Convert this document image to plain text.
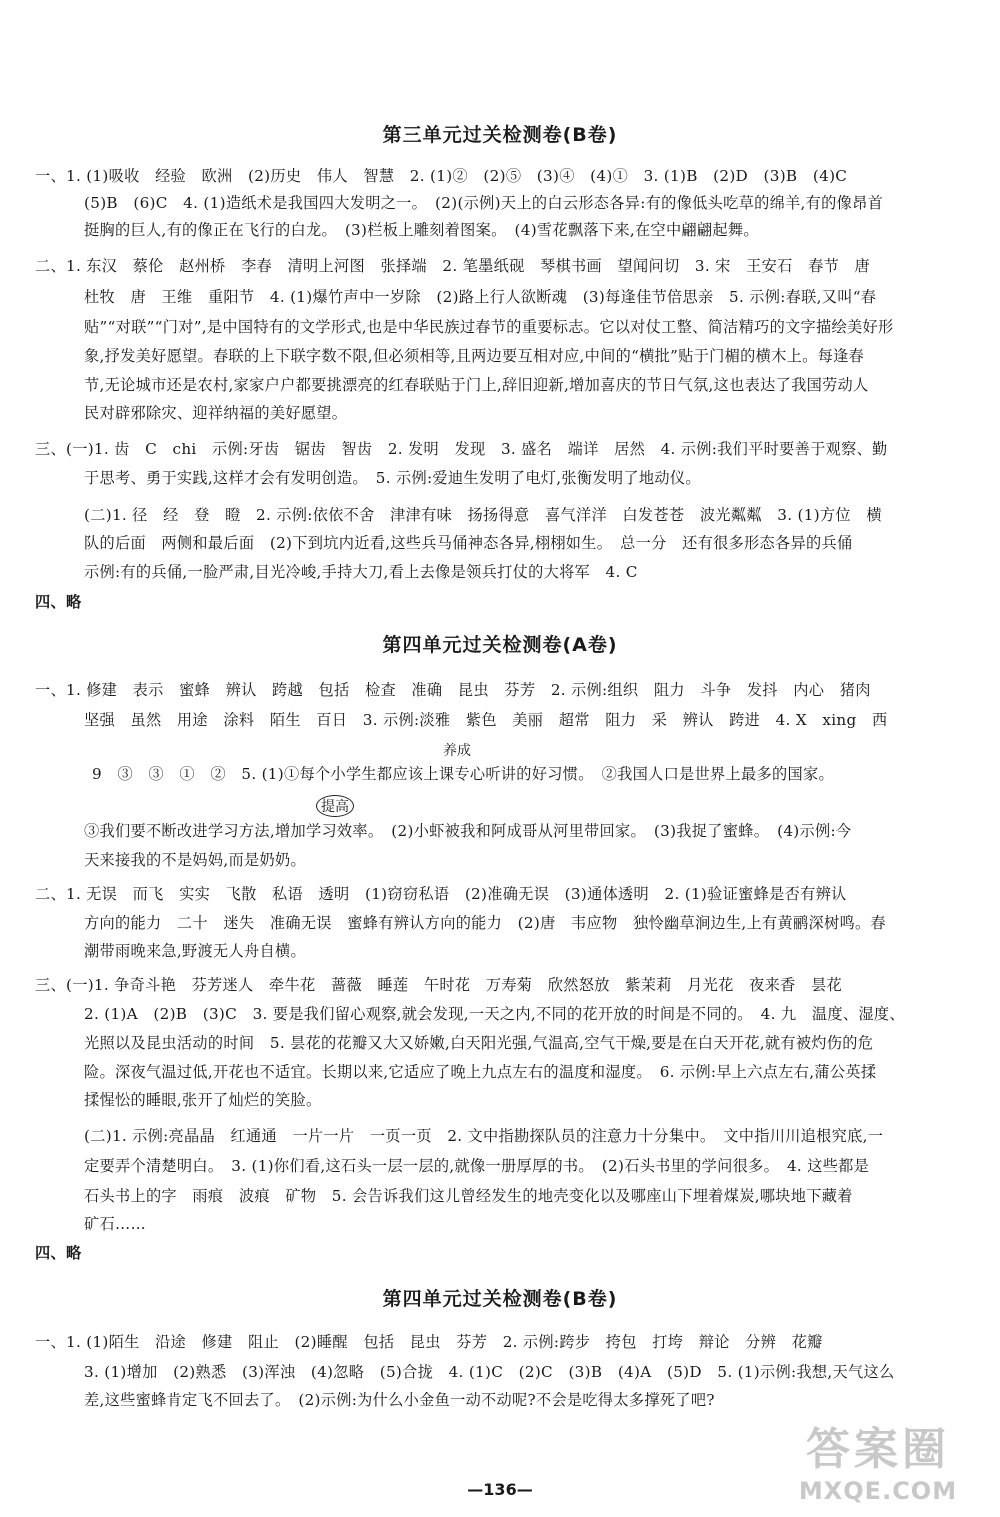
第三单元过关检测卷(B卷)
一、1. (1)吸收　经验　欧洲　(2)历史　伟人　智慧　2. (1)②　(2)⑤　(3)④　(4)①　3. (1)B　(2)D　(3)B　(4)C
(5)B　(6)C　4. (1)造纸术是我国四大发明之一。　(2)(示例)天上的白云形态各异:有的像低头吃草的绵羊,有的像昂首
挺胸的巨人,有的像正在飞行的白龙。　(3)栏板上雕刻着图案。　(4)雪花飘落下来,在空中翩翩起舞。
二、1. 东汉　蔡伦　赵州桥　李春　清明上河图　张择端　2. 笔墨纸砚　琴棋书画　望闻问切　3. 宋　王安石　春节　唐
杜牧　唐　王维　重阳节　4. (1)爆竹声中一岁除　(2)路上行人欲断魂　(3)每逢佳节倍思亲　5. 示例:春联,又叫“春
贴”“对联”“门对”,是中国特有的文学形式,也是中华民族过春节的重要标志。它以对仗工整、简洁精巧的文字描绘美好形
象,抒发美好愿望。春联的上下联字数不限,但必须相等,且两边要互相对应,中间的“横批”贴于门楣的横木上。每逢春
节,无论城市还是农村,家家户户都要挑漂亮的红春联贴于门上,辞旧迎新,增加喜庆的节日气氛,这也表达了我国劳动人
民对辟邪除灾、迎祥纳福的美好愿望。
三、(一)1. 齿　C　chi　示例:牙齿　锯齿　智齿　2. 发明　发现　3. 盛名　端详　居然　4. 示例:我们平时要善于观察、勤
于思考、勇于实践,这样才会有发明创造。　5. 示例:爱迪生发明了电灯,张衡发明了地动仪。
(二)1. 径　经　登　瞪　2. 示例:依依不舍　津津有味　扬扬得意　喜气洋洋　白发苍苍　波光粼粼　3. (1)方位　横
队的后面　两侧和最后面　(2)下到坑内近看,这些兵马俑神态各异,栩栩如生。　总一分　还有很多形态各异的兵俑
示例:有的兵俑,一脸严肃,目光冷峻,手持大刀,看上去像是领兵打仗的大将军　4. C
四、略
第四单元过关检测卷(A卷)
一、1. 修建　表示　蜜蜂　辨认　跨越　包括　检查　准确　昆虫　芬芳　2. 示例:组织　阻力　斗争　发抖　内心　猪肉
坚强　虽然　用途　涂料　陌生　百日　3. 示例:淡雅　紫色　美丽　超常　阻力　采　辨认　跨进　4. X　xing　西
养成
9　③　③　①　②　5. (1)①每个小学生都应该上课专心听讲的好习惯。　②我国人口是世界上最多的国家。
提高
③我们要不断改进学习方法,增加学习效率。　(2)小虾被我和阿成哥从河里带回家。　(3)我捉了蜜蜂。　(4)示例:今
天来接我的不是妈妈,而是奶奶。
二、1. 无误　而飞　实实　飞散　私语　透明　(1)窃窃私语　(2)准确无误　(3)通体透明　2. (1)验证蜜蜂是否有辨认
方向的能力　二十　迷失　准确无误　蜜蜂有辨认方向的能力　(2)唐　韦应物　独怜幽草涧边生,上有黄鹂深树鸣。春
潮带雨晚来急,野渡无人舟自横。
三、(一)1. 争奇斗艳　芬芳迷人　牵牛花　蔷薇　睡莲　午时花　万寿菊　欣然怒放　紫茉莉　月光花　夜来香　昙花
2. (1)A　(2)B　(3)C　3. 要是我们留心观察,就会发现,一天之内,不同的花开放的时间是不同的。　4. 九　温度、湿度、
光照以及昆虫活动的时间　5. 昙花的花瓣又大又娇嫩,白天阳光强,气温高,空气干燥,要是在白天开花,就有被灼伤的危
险。深夜气温过低,开花也不适宜。长期以来,它适应了晚上九点左右的温度和湿度。　6. 示例:早上六点左右,蒲公英揉
揉惺忪的睡眼,张开了灿烂的笑脸。
(二)1. 示例:亮晶晶　红通通　一片一片　一页一页　2. 文中指勘探队员的注意力十分集中。　文中指川川追根究底,一
定要弄个清楚明白。　3. (1)你们看,这石头一层一层的,就像一册厚厚的书。　(2)石头书里的学问很多。　4. 这些都是
石头书上的字　雨痕　波痕　矿物　5. 会告诉我们这儿曾经发生的地壳变化以及哪座山下埋着煤炭,哪块地下藏着
矿石……
四、略
第四单元过关检测卷(B卷)
一、1. (1)陌生　沿途　修建　阻止　(2)睡醒　包括　昆虫　芬芳　2. 示例:跨步　挎包　打垮　辩论　分辨　花瓣
3. (1)增加　(2)熟悉　(3)浑浊　(4)忽略　(5)合拢　4. (1)C　(2)C　(3)B　(4)A　(5)D　5. (1)示例:我想,天气这么
差,这些蜜蜂肯定飞不回去了。　(2)示例:为什么小金鱼一动不动呢?不会是吃得太多撑死了吧?
—136—
答案圈
MXQE.COM
